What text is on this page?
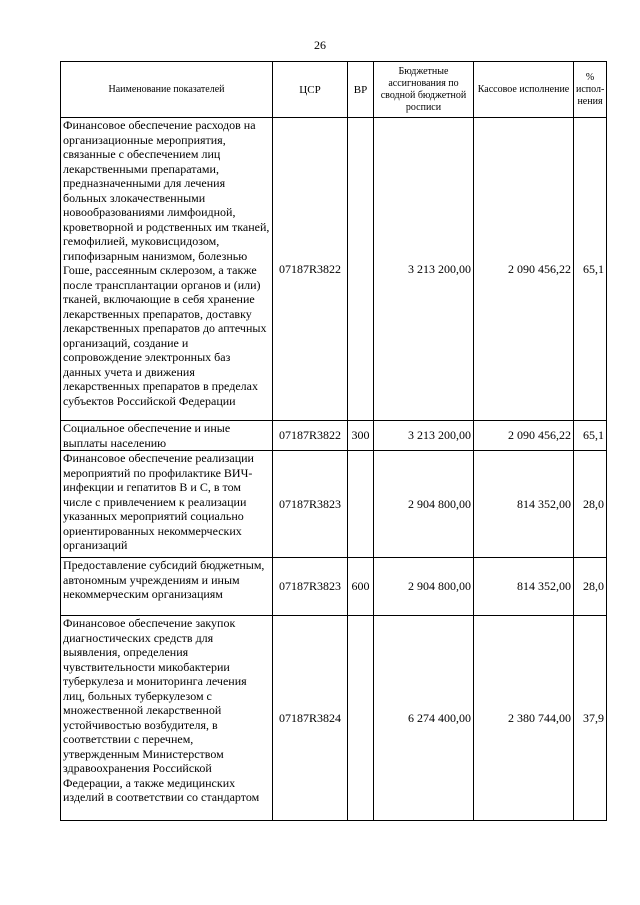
26
Наименование показателей	ЦСР	ВР	Бюджетные ассигнования по сводной бюджетной росписи	Кассовое исполнение	% испол-нения
Финансовое обеспечение расходов на организационные мероприятия, связанные с обеспечением лиц лекарственными препаратами, предназначенными для лечения больных злокачественными новообразованиями лимфоидной, кроветворной и родственных им тканей, гемофилией, муковисцидозом, гипофизарным нанизмом, болезнью Гоше, рассеянным склерозом, а также после трансплантации органов и (или) тканей, включающие в себя хранение лекарственных препаратов, доставку лекарственных препаратов до аптечных организаций, создание и сопровождение электронных баз данных учета и движения лекарственных препаратов в пределах субъектов Российской Федерации	07187R3822		3 213 200,00	2 090 456,22	65,1
Социальное обеспечение и иные выплаты населению	07187R3822	300	3 213 200,00	2 090 456,22	65,1
Финансовое обеспечение реализации мероприятий по профилактике ВИЧ-инфекции и гепатитов В и С, в том числе с привлечением к реализации указанных мероприятий социально ориентированных некоммерческих организаций	07187R3823		2 904 800,00	814 352,00	28,0
Предоставление субсидий бюджетным, автономным учреждениям и иным некоммерческим организациям	07187R3823	600	2 904 800,00	814 352,00	28,0
Финансовое обеспечение закупок диагностических средств для выявления, определения чувствительности микобактерии туберкулеза и мониторинга лечения лиц, больных туберкулезом с множественной лекарственной устойчивостью возбудителя, в соответствии с перечнем, утвержденным Министерством здравоохранения Российской Федерации, а также медицинских изделий в соответствии со стандартом	07187R3824		6 274 400,00	2 380 744,00	37,9
